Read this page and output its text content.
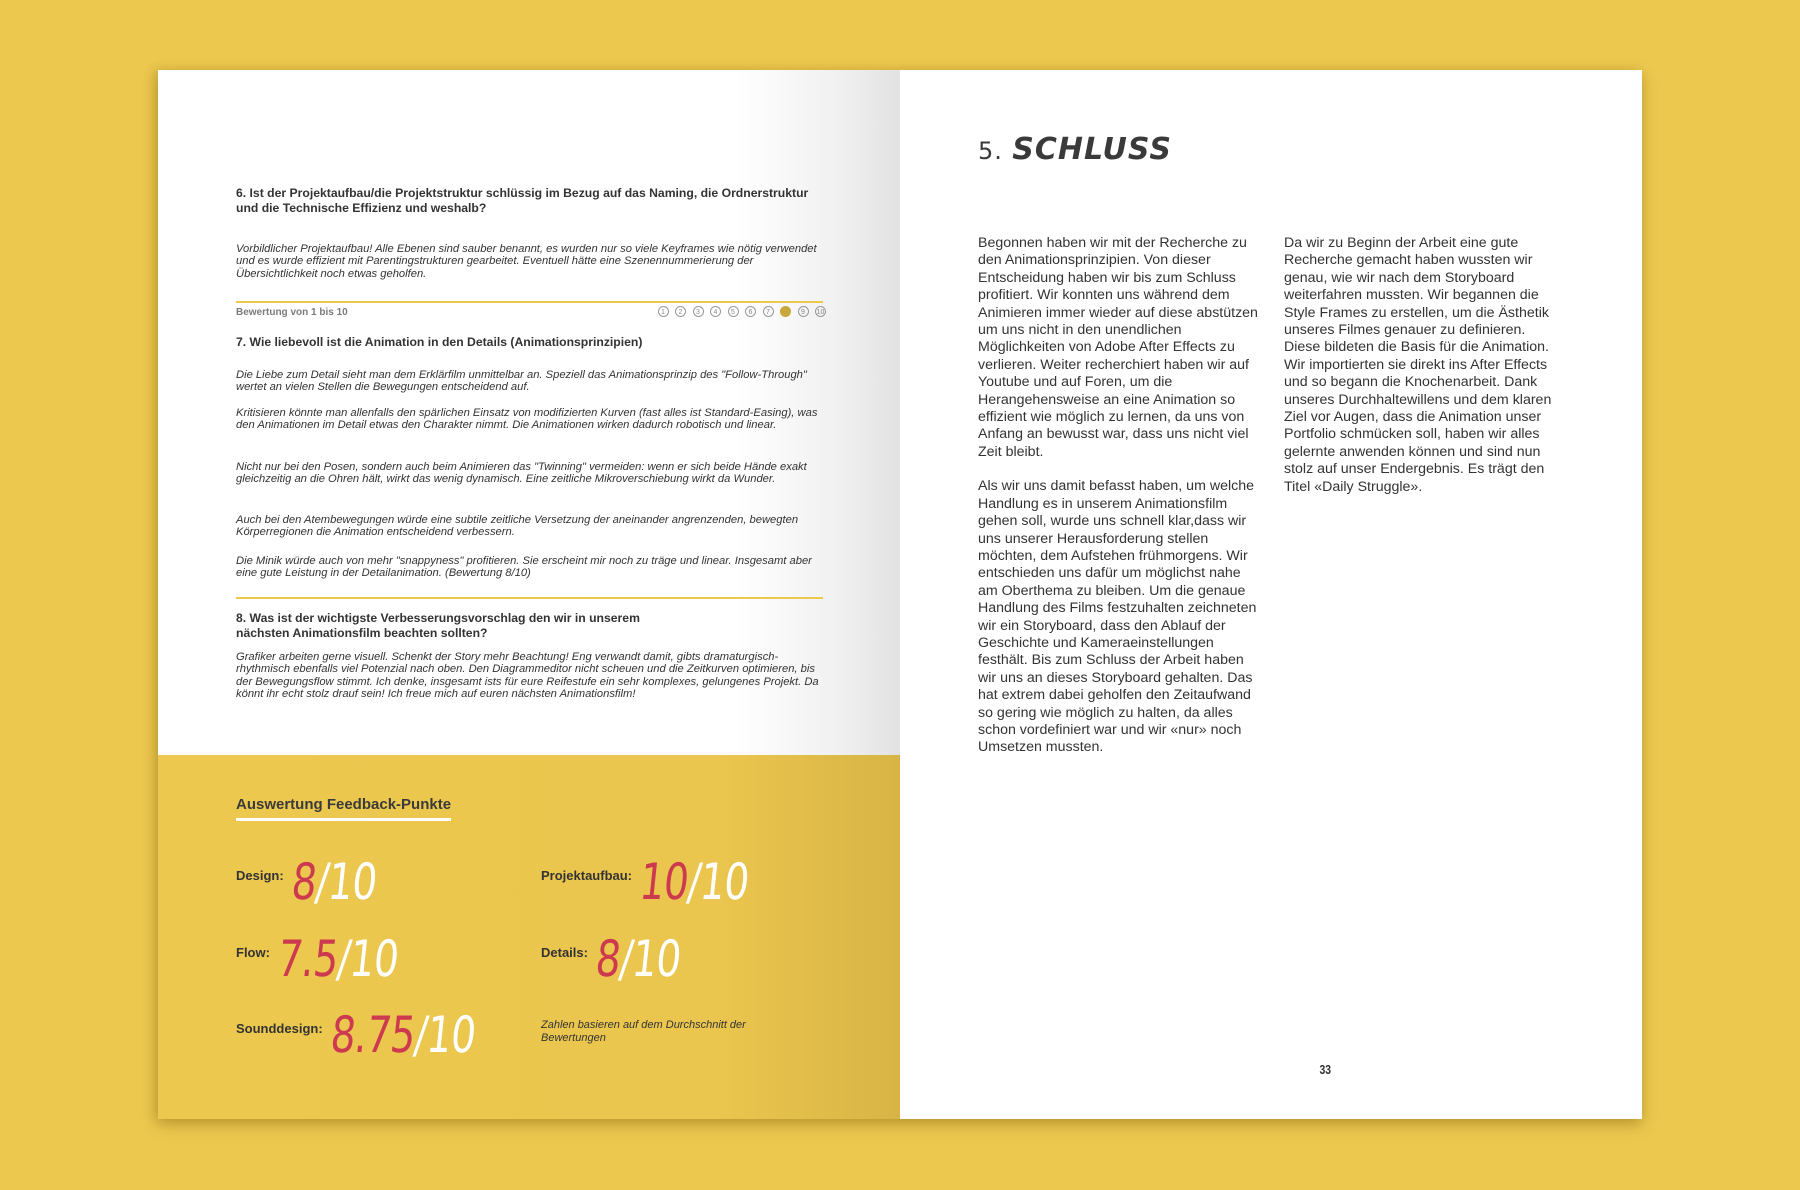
6. Ist der Projektaufbau/die Projektstruktur schlüssig im Bezug auf das Naming, die Ordnerstruktur und die Technische Effizienz und weshalb?
Vorbildlicher Projektaufbau! Alle Ebenen sind sauber benannt, es wurden nur so viele Keyframes wie nötig verwendet und es wurde effizient mit Parentingstrukturen gearbeitet. Eventuell hätte eine Szenennummerierung der Übersichtlichkeit noch etwas geholfen.
Bewertung von 1 bis 10	1	2	3	4	5	6	7	8	9	10
7. Wie liebevoll ist die Animation in den Details (Animationsprinzipien)
Die Liebe zum Detail sieht man dem Erklärfilm unmittelbar an. Speziell das Animationsprinzip des "Follow-Through" wertet an vielen Stellen die Bewegungen entscheidend auf.
Kritisieren könnte man allenfalls den spärlichen Einsatz von modifizierten Kurven (fast alles ist Standard-Easing), was den Animationen im Detail etwas den Charakter nimmt. Die Animationen wirken dadurch robotisch und linear.
Nicht nur bei den Posen, sondern auch beim Animieren das "Twinning" vermeiden: wenn er sich beide Hände exakt gleichzeitig an die Ohren hält, wirkt das wenig dynamisch. Eine zeitliche Mikroverschiebung wirkt da Wunder.
Auch bei den Atembewegungen würde eine subtile zeitliche Versetzung der aneinander angrenzenden, bewegten Körperregionen die Animation entscheidend verbessern.
Die Minik würde auch von mehr "snappyness" profitieren. Sie erscheint mir noch zu träge und linear. Insgesamt aber eine gute Leistung in der Detailanimation. (Bewertung 8/10)
8. Was ist der wichtigste Verbesserungsvorschlag den wir in unserem nächsten Animationsfilm beachten sollten?
Grafiker arbeiten gerne visuell. Schenkt der Story mehr Beachtung! Eng verwandt damit, gibts dramaturgisch-rhythmisch ebenfalls viel Potenzial nach oben. Den Diagrammeditor nicht scheuen und die Zeitkurven optimieren, bis der Bewegungsflow stimmt. Ich denke, insgesamt ists für eure Reifestufe ein sehr komplexes, gelungenes Projekt. Da könnt ihr echt stolz drauf sein! Ich freue mich auf euren nächsten Animationsfilm!
Auswertung Feedback-Punkte
Design: 8/10	Projektaufbau: 10/10
Flow: 7.5/10	Details: 8/10
Sounddesign: 8.75/10	Zahlen basieren auf dem Durchschnitt der Bewertungen
5. SCHLUSS

Begonnen haben wir mit der Recherche zu den Animationsprinzipien. Von dieser Entscheidung haben wir bis zum Schluss profitiert. Wir konnten uns während dem Animieren immer wieder auf diese abstützen um uns nicht in den unendlichen Möglichkeiten von Adobe After Effects zu verlieren. Weiter recherchiert haben wir auf Youtube und auf Foren, um die Herangehensweise an eine Animation so effizient wie möglich zu lernen, da uns von Anfang an bewusst war, dass uns nicht viel Zeit bleibt.

Als wir uns damit befasst haben, um welche Handlung es in unserem Animationsfilm gehen soll, wurde uns schnell klar,dass wir uns unserer Herausforderung stellen möchten, dem Aufstehen frühmorgens. Wir entschieden uns dafür um möglichst nahe am Oberthema zu bleiben. Um die genaue Handlung des Films festzuhalten zeichneten wir ein Storyboard, dass den Ablauf der Geschichte und Kameraeinstellungen festhält. Bis zum Schluss der Arbeit haben wir uns an dieses Storyboard gehalten. Das hat extrem dabei geholfen den Zeitaufwand so gering wie möglich zu halten, da alles schon vordefiniert war und wir «nur» noch Umsetzen mussten.

Da wir zu Beginn der Arbeit eine gute Recherche gemacht haben wussten wir genau, wie wir nach dem Storyboard weiterfahren mussten. Wir begannen die Style Frames zu erstellen, um die Ästhetik unseres Filmes genauer zu definieren. Diese bildeten die Basis für die Animation. Wir importierten sie direkt ins After Effects und so begann die Knochenarbeit. Dank unseres Durchhaltewillens und dem klaren Ziel vor Augen, dass die Animation unser Portfolio schmücken soll, haben wir alles gelernte anwenden können und sind nun stolz auf unser Endergebnis. Es trägt den Titel «Daily Struggle».

33
